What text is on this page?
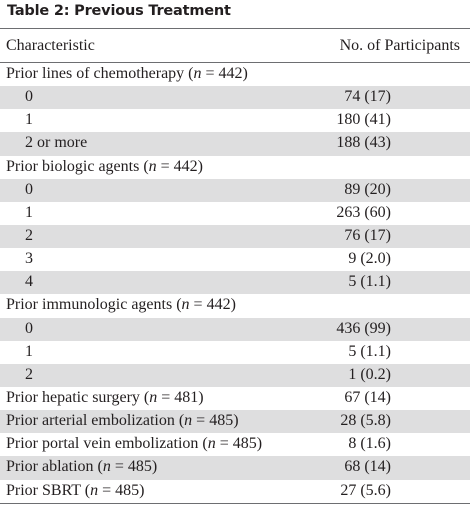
Table 2: Previous Treatment
Characteristic	No. of Participants
Prior lines of chemotherapy (n = 442)
0	74 (17)
1	180 (41)
2 or more	188 (43)
Prior biologic agents (n = 442)
0	89 (20)
1	263 (60)
2	76 (17)
3	9 (2.0)
4	5 (1.1)
Prior immunologic agents (n = 442)
0	436 (99)
1	5 (1.1)
2	1 (0.2)
Prior hepatic surgery (n = 481)	67 (14)
Prior arterial embolization (n = 485)	28 (5.8)
Prior portal vein embolization (n = 485)	8 (1.6)
Prior ablation (n = 485)	68 (14)
Prior SBRT (n = 485)	27 (5.6)
